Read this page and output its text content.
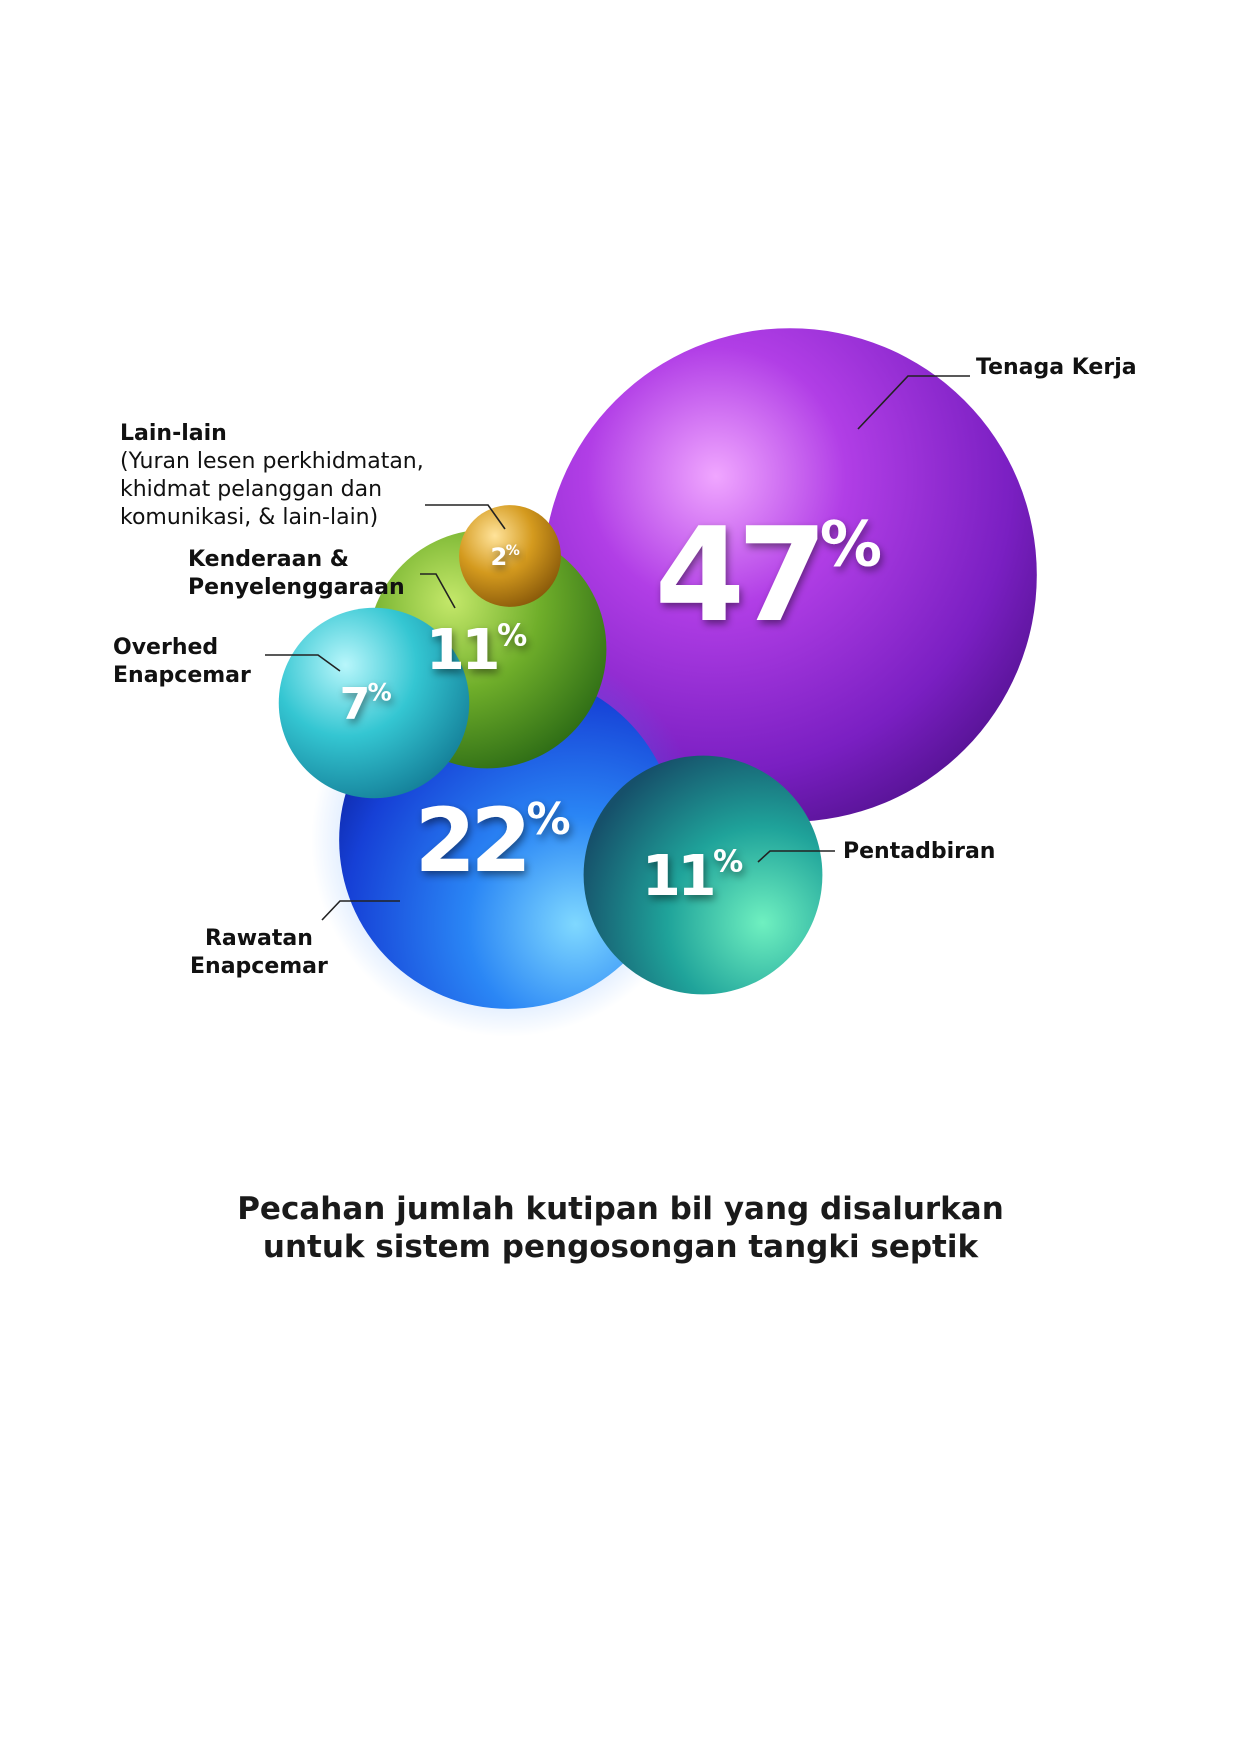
47%
22%
11%
11%
7%
2%
Tenaga Kerja
Lain-lain
(Yuran lesen perkhidmatan,
khidmat pelanggan dan
komunikasi, & lain-lain)
Kenderaan &
Penyelenggaraan
Overhed
Enapcemar
Pentadbiran
Rawatan
Enapcemar
Pecahan jumlah kutipan bil yang disalurkan
untuk sistem pengosongan tangki septik
